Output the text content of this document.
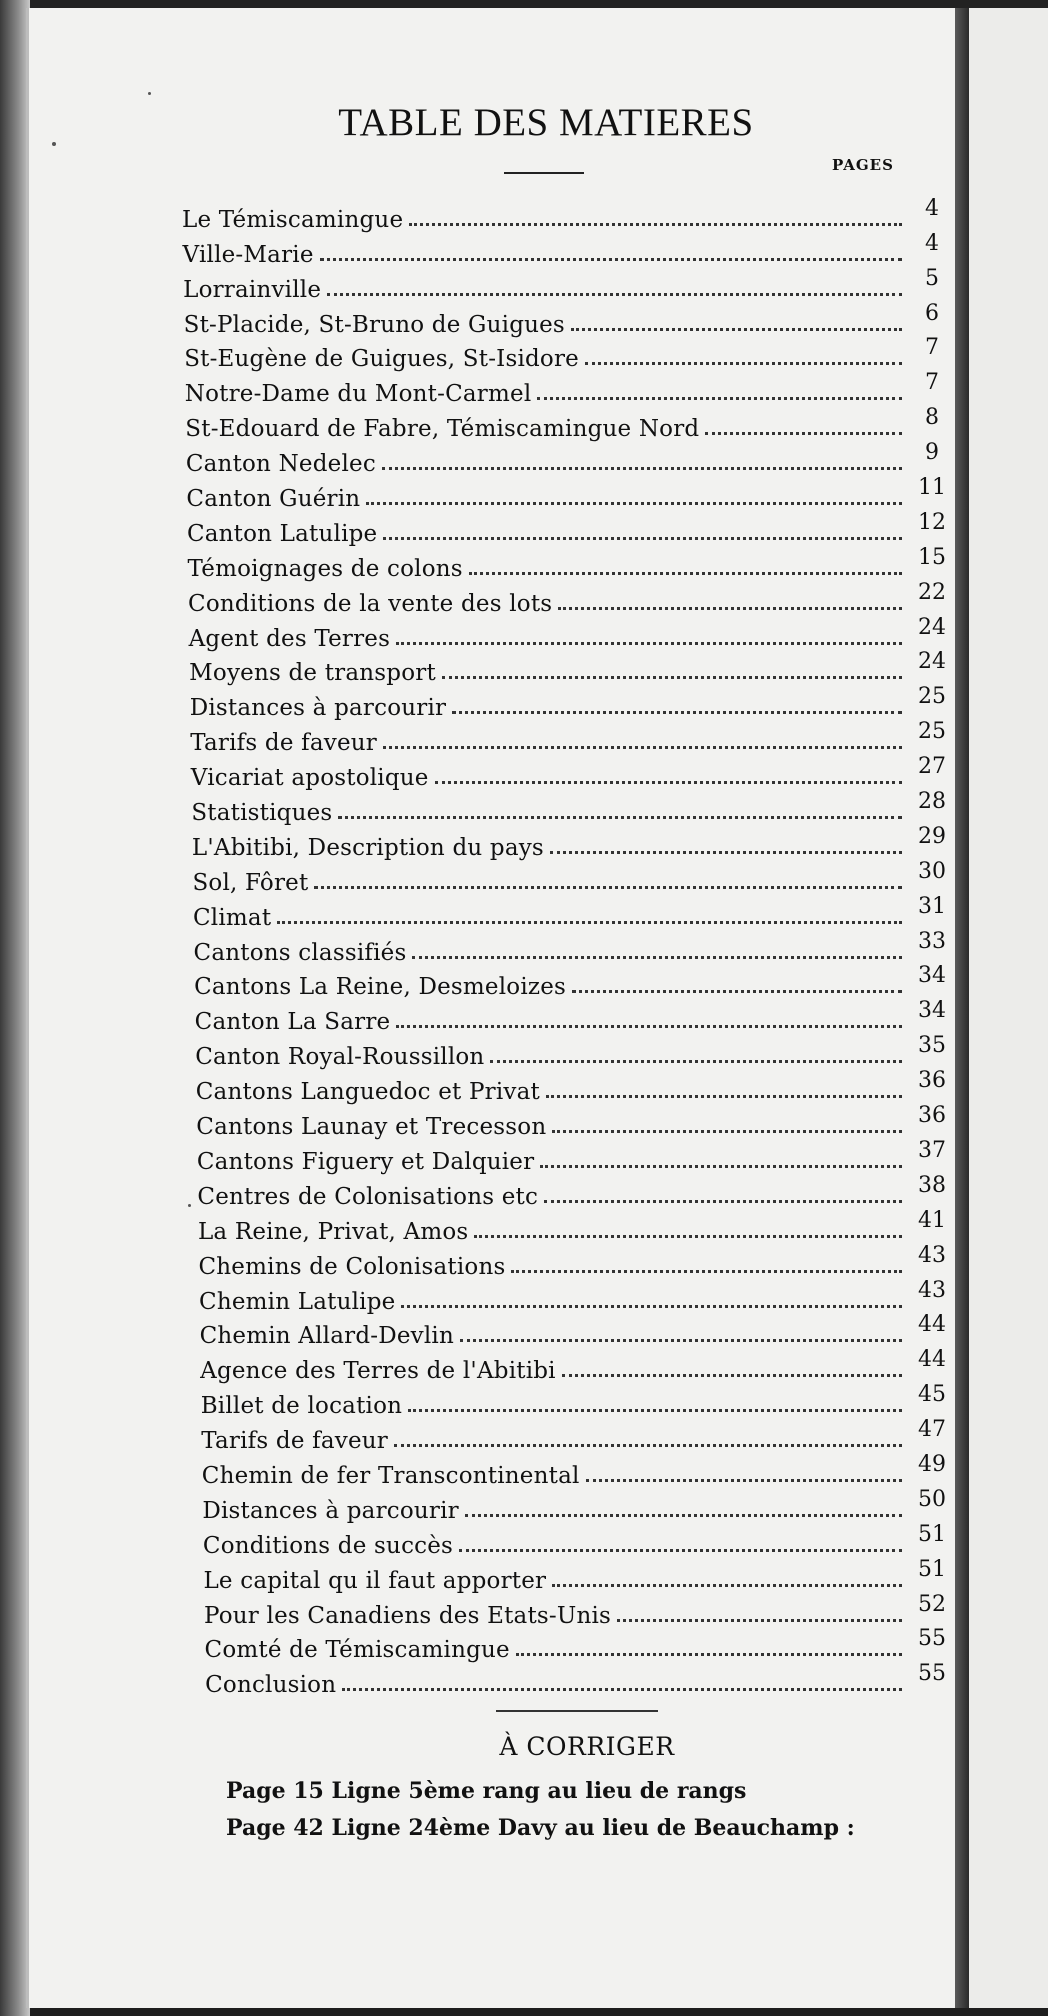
TABLE DES MATIERES
PAGES
Le Témiscamingue	4
Ville-Marie	4
Lorrainville	5
St-Placide, St-Bruno de Guigues	6
St-Eugène de Guigues, St-Isidore	7
Notre-Dame du Mont-Carmel	7
St-Edouard de Fabre, Témiscamingue Nord	8
Canton Nedelec	9
Canton Guérin	11
Canton Latulipe	12
Témoignages de colons	15
Conditions de la vente des lots	22
Agent des Terres	24
Moyens de transport	24
Distances à parcourir	25
Tarifs de faveur	25
Vicariat apostolique	27
Statistiques	28
L'Abitibi, Description du pays	29
Sol, Fôret	30
Climat	31
Cantons classifiés	33
Cantons La Reine, Desmeloizes	34
Canton La Sarre	34
Canton Royal-Roussillon	35
Cantons Languedoc et Privat	36
Cantons Launay et Trecesson	36
Cantons Figuery et Dalquier	37
Centres de Colonisations etc	38
La Reine, Privat, Amos	41
Chemins de Colonisations	43
Chemin Latulipe	43
Chemin Allard-Devlin	44
Agence des Terres de l'Abitibi	44
Billet de location	45
Tarifs de faveur	47
Chemin de fer Transcontinental	49
Distances à parcourir	50
Conditions de succès	51
Le capital qu il faut apporter	51
Pour les Canadiens des Etats-Unis	52
Comté de Témiscamingue	55
Conclusion	55
À CORRIGER
Page 15 Ligne 5ème rang au lieu de rangs
Page 42 Ligne 24ème Davy au lieu de Beauchamp :
